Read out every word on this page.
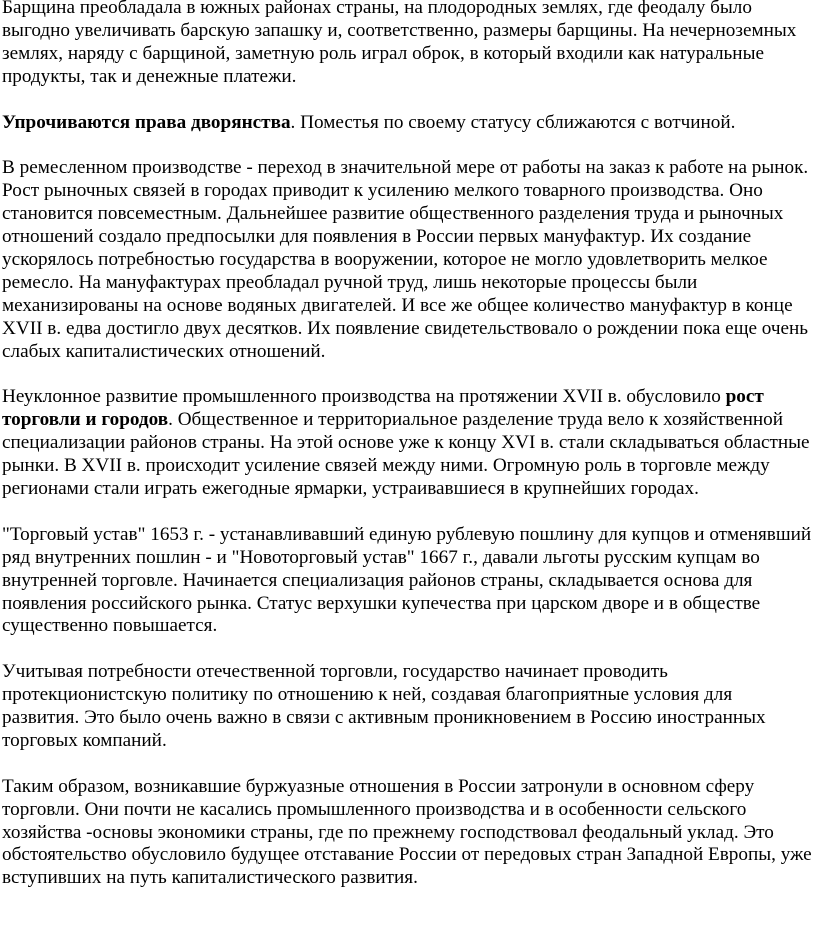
Барщина преобладала в южных районах страны, на плодородных землях, где феодалу было выгодно увеличивать барскую запашку и, соответственно, размеры барщины. На нечерноземных землях, наряду с барщиной, заметную роль играл оброк, в который входили как натуральные продукты, так и денежные платежи.

Упрочиваются права дворянства. Поместья по своему статусу сближаются с вотчиной.

В ремесленном производстве - переход в значительной мере от работы на заказ к работе на рынок. Рост рыночных связей в городах приводит к усилению мелкого товарного производства. Оно становится повсеместным. Дальнейшее развитие общественного разделения труда и рыночных отношений создало предпосылки для появления в России первых мануфактур. Их создание ускорялось потребностью государства в вооружении, которое не могло удовлетворить мелкое ремесло. На мануфактурах преобладал ручной труд, лишь некоторые процессы были механизированы на основе водяных двигателей. И все же общее количество мануфактур в конце XVII в. едва достигло двух десятков. Их появление свидетельствовало о рождении пока еще очень слабых капиталистических отношений.

Неуклонное развитие промышленного производства на протяжении XVII в. обусловило рост торговли и городов. Общественное и территориальное разделение труда вело к хозяйственной специализации районов страны. На этой основе уже к концу XVI в. стали складываться областные рынки. В XVII в. происходит усиление связей между ними. Огромную роль в торговле между регионами стали играть ежегодные ярмарки, устраивавшиеся в крупнейших городах.

"Торговый устав" 1653 г. - устанавливавший единую рублевую пошлину для купцов и отменявший ряд внутренних пошлин - и "Новоторговый устав" 1667 г., давали льготы русским купцам во внутренней торговле. Начинается специализация районов страны, складывается основа для появления российского рынка. Статус верхушки купечества при царском дворе и в обществе существенно повышается.

Учитывая потребности отечественной торговли, государство начинает проводить протекционистскую политику по отношению к ней, создавая благоприятные условия для развития. Это было очень важно в связи с активным проникновением в Россию иностранных торговых компаний.

Таким образом, возникавшие буржуазные отношения в России затронули в основном сферу торговли. Они почти не касались промышленного производства и в особенности сельского хозяйства -основы экономики страны, где по прежнему господствовал феодальный уклад. Это обстоятельство обусловило будущее отставание России от передовых стран Западной Европы, уже вступивших на путь капиталистического развития.
